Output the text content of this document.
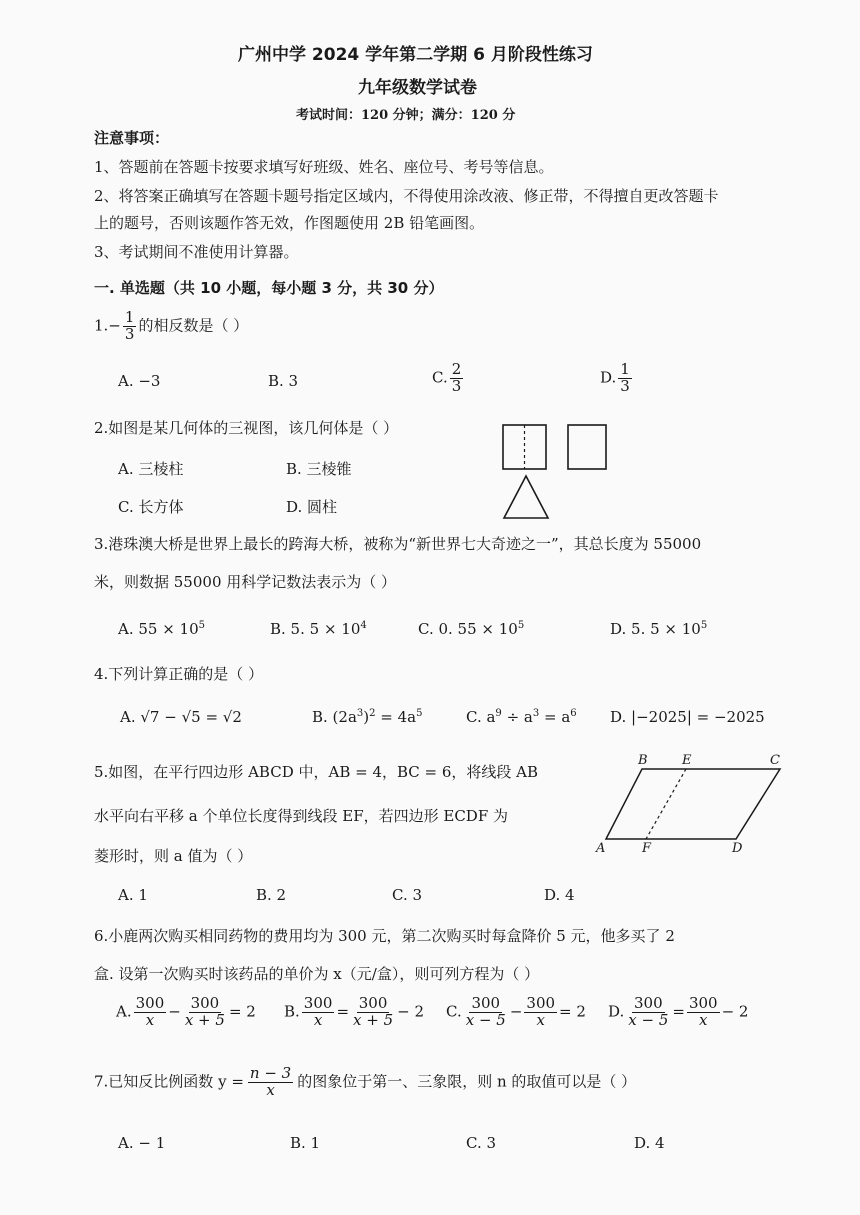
广州中学 2024 学年第二学期 6 月阶段性练习
九年级数学试卷
考试时间：120 分钟；满分：120 分
注意事项：
1、答题前在答题卡按要求填写好班级、姓名、座位号、考号等信息。
2、将答案正确填写在答题卡题号指定区域内，不得使用涂改液、修正带，不得擅自更改答题卡
上的题号，否则该题作答无效，作图题使用 2B 铅笔画图。
3、考试期间不准使用计算器。
一. 单选题（共 10 小题，每小题 3 分，共 30 分）
$1.- \frac{1}{3}$ 的相反数是（ ）
A. −3	B. 3	C. $\frac{2}{3}$	D. $\frac{1}{3}$
2.如图是某几何体的三视图，该几何体是（ ）
A. 三棱柱	B. 三棱锥
C. 长方体	D. 圆柱
3.港珠澳大桥是世界上最长的跨海大桥，被称为“新世界七大奇迹之一”，其总长度为 55000
米，则数据 55000 用科学记数法表示为（ ）
A. $55 \times 10^5$	B. 5. $5 \times 10^4$	C. 0. $55 \times 10^5$	D. 5. $5 \times 10^5$
4.下列计算正确的是（ ）
A. √7 − √5 = √2	B. $(2a^3)^2 = 4a^5$	C. $a^9 \div a^3 = a^6$ D. |−2025| = −2025
5.如图，在平行四边形 ABCD 中，AB = 4，BC = 6，将线段 AB
水平向右平移 a 个单位长度得到线段 EF，若四边形 ECDF 为
菱形时，则 a 值为（ ）
A. 1	B. 2	C. 3	D. 4
B	E	C
A	F	D
6.小鹿两次购买相同药物的费用均为 300 元，第二次购买时每盒降价 5 元，他多买了 2
盒. 设第一次购买时该药品的单价为 x（元/盒），则可列方程为（ ）
A. $\frac{300}{x} - \frac{300}{x + 5} = 2$ B. $\frac{300}{x} = \frac{300}{x + 5} - 2$ C. $\frac{300}{x - 5} - \frac{300}{x} = 2$ D. $\frac{300}{x - 5} = \frac{300}{x} - 2$
7.已知反比例函数 $y = \frac{n - 3}{x}$ 的图象位于第一、三象限，则 n 的取值可以是（ ）
A. − 1	B. 1	C. 3	D. 4
